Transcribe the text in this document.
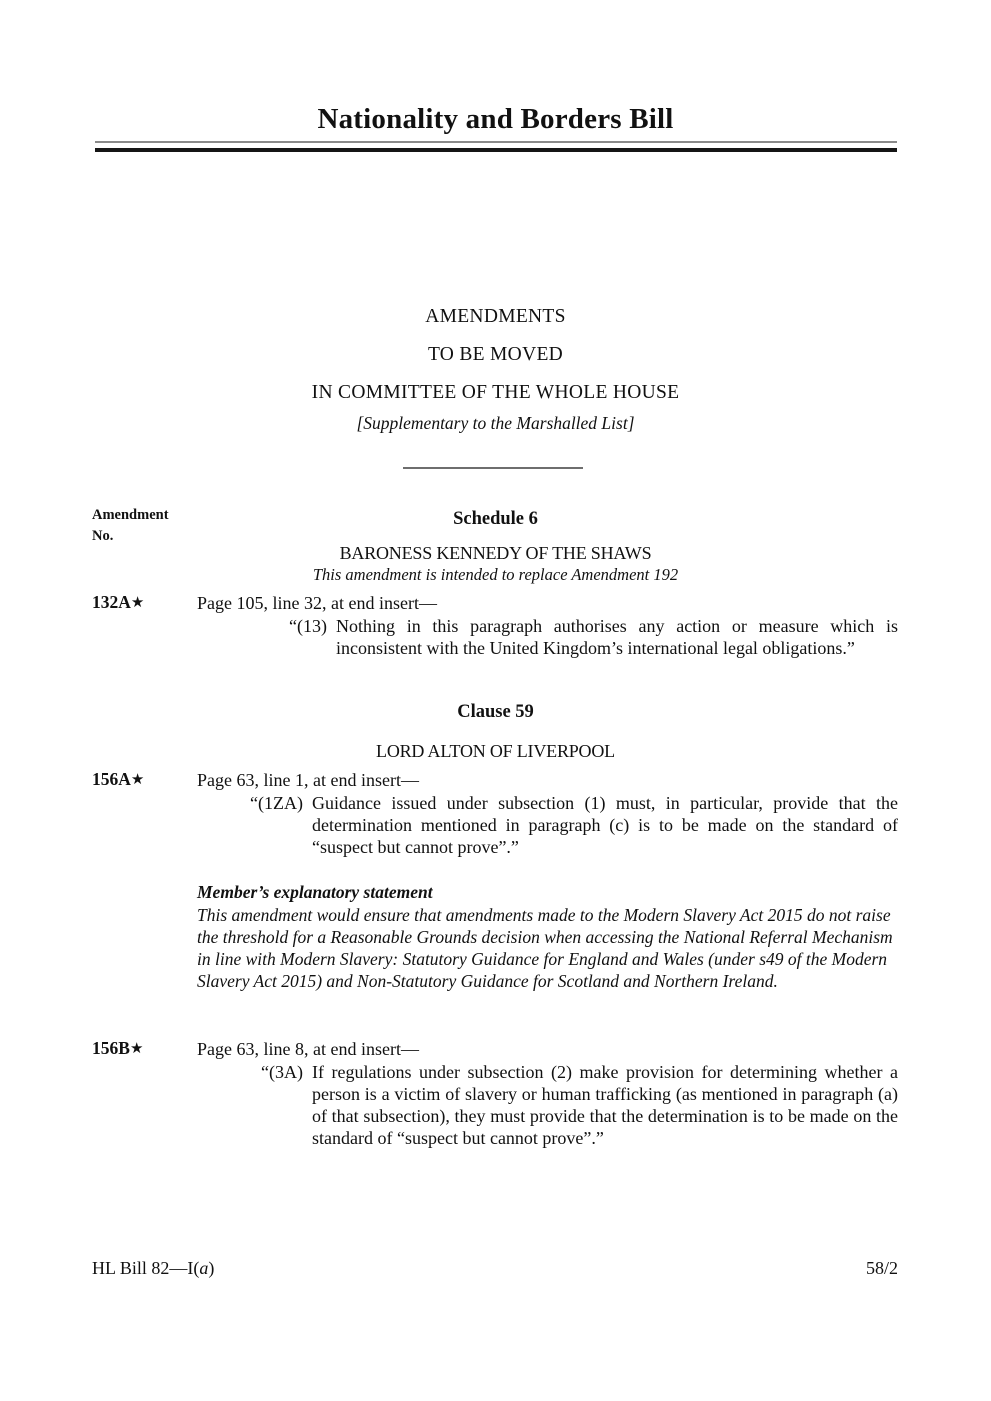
Nationality and Borders Bill
AMENDMENTS
TO BE MOVED
IN COMMITTEE OF THE WHOLE HOUSE
[Supplementary to the Marshalled List]
Amendment
No.
Schedule 6
BARONESS KENNEDY OF THE SHAWS
This amendment is intended to replace Amendment 192
132A★	Page 105, line 32, at end insert—
“(13) Nothing in this paragraph authorises any action or measure which is inconsistent with the United Kingdom’s international legal obligations.”
Clause 59
LORD ALTON OF LIVERPOOL
156A★	Page 63, line 1, at end insert—
“(1ZA) Guidance issued under subsection (1) must, in particular, provide that the determination mentioned in paragraph (c) is to be made on the standard of “suspect but cannot prove”.”
Member’s explanatory statement
This amendment would ensure that amendments made to the Modern Slavery Act 2015 do not raise the threshold for a Reasonable Grounds decision when accessing the National Referral Mechanism in line with Modern Slavery: Statutory Guidance for England and Wales (under s49 of the Modern Slavery Act 2015) and Non-Statutory Guidance for Scotland and Northern Ireland.
156B★	Page 63, line 8, at end insert—
“(3A) If regulations under subsection (2) make provision for determining whether a person is a victim of slavery or human trafficking (as mentioned in paragraph (a) of that subsection), they must provide that the determination is to be made on the standard of “suspect but cannot prove”.”
HL Bill 82—I(a)	58/2
